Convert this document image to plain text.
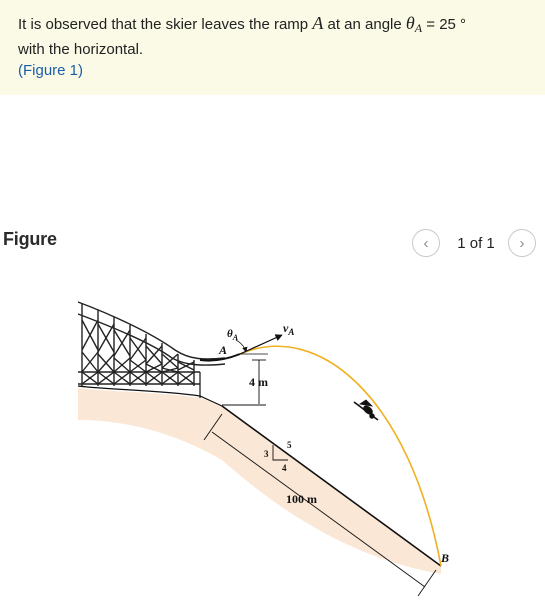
It is observed that the skier leaves the ramp A at an angle $\theta_A = 25$ °
with the horizontal.
(Figure 1)
Figure	‹	1 of 1	›
$v_A$
$\theta_A$
A
4 m
3
5
4
100 m
B
